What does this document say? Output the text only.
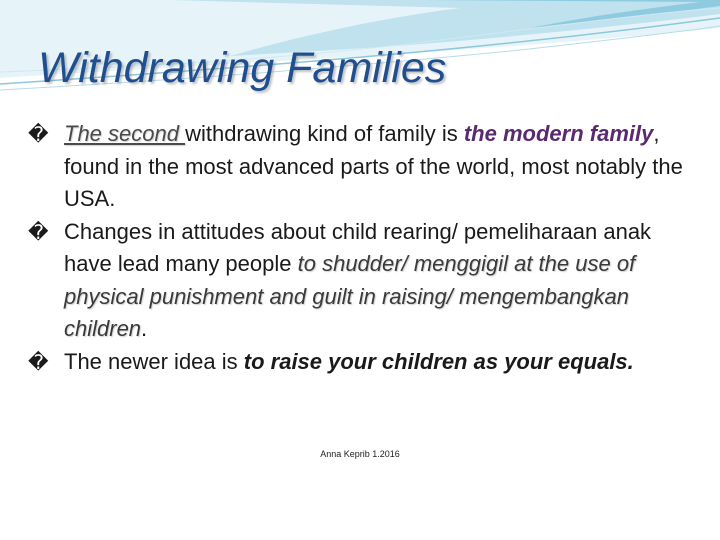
Withdrawing Families

� The second withdrawing kind of family is the modern family, found in the most advanced parts of the world, most notably the USA.

� Changes in attitudes about child rearing/ pemeliharaan anak have lead many people to shudder/ menggigil at the use of physical punishment and guilt in raising/ mengembangkan children.

� The newer idea is to raise your children as your equals.

Anna Keprib 1.2016
